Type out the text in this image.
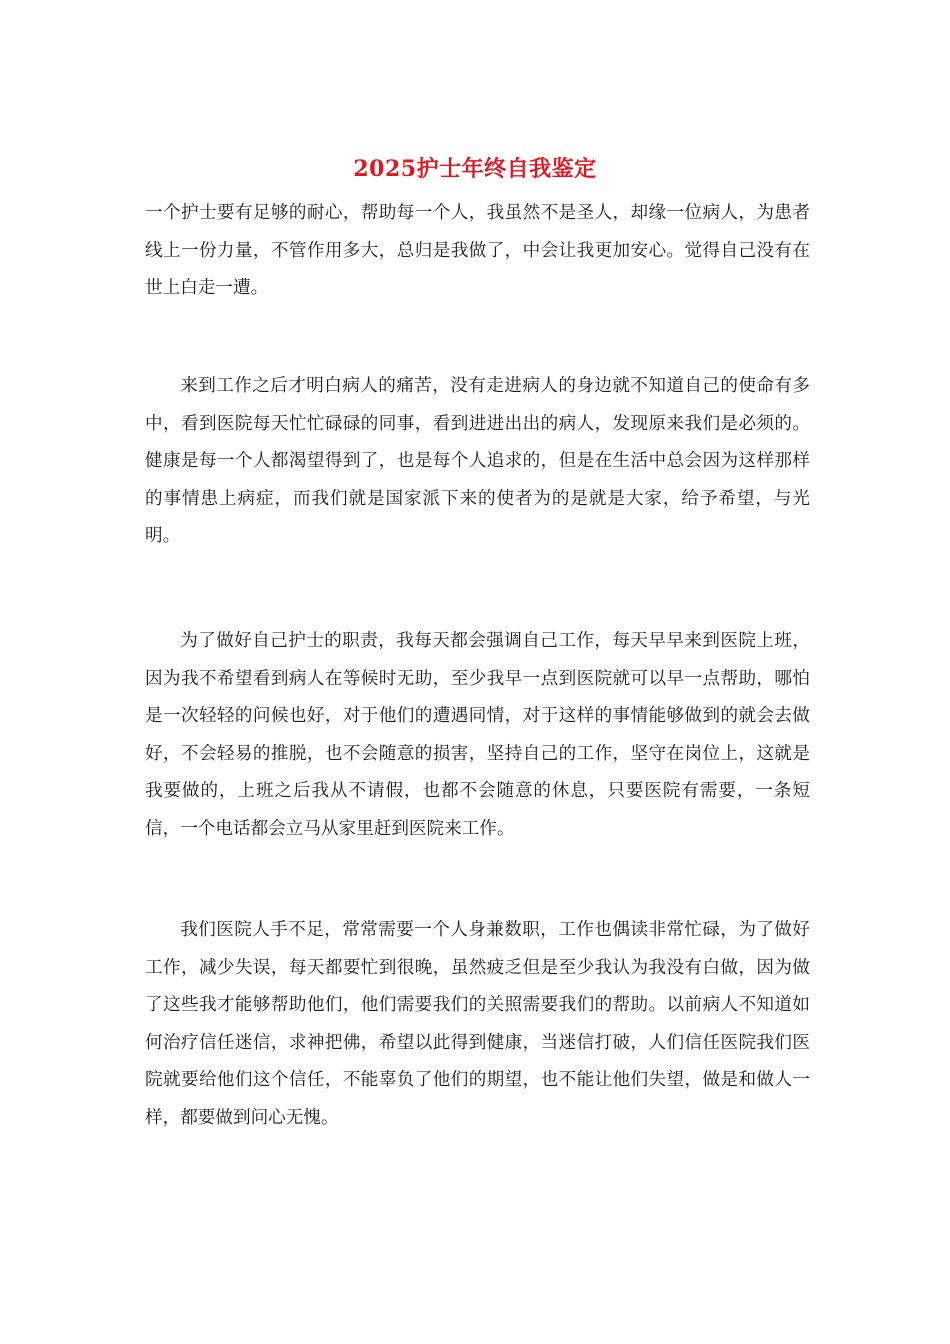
2025护士年终自我鉴定

一个护士要有足够的耐心，帮助每一个人，我虽然不是圣人，却缘一位病人，为患者线上一份力量，不管作用多大，总归是我做了，中会让我更加安心。觉得自己没有在世上白走一遭。

来到工作之后才明白病人的痛苦，没有走进病人的身边就不知道自己的使命有多中，看到医院每天忙忙碌碌的同事，看到进进出出的病人，发现原来我们是必须的。健康是每一个人都渴望得到了，也是每个人追求的，但是在生活中总会因为这样那样的事情患上病症，而我们就是国家派下来的使者为的是就是大家，给予希望，与光明。

为了做好自己护士的职责，我每天都会强调自己工作，每天早早来到医院上班，因为我不希望看到病人在等候时无助，至少我早一点到医院就可以早一点帮助，哪怕是一次轻轻的问候也好，对于他们的遭遇同情，对于这样的事情能够做到的就会去做好，不会轻易的推脱，也不会随意的损害，坚持自己的工作，坚守在岗位上，这就是我要做的，上班之后我从不请假，也都不会随意的休息，只要医院有需要，一条短信，一个电话都会立马从家里赶到医院来工作。

我们医院人手不足，常常需要一个人身兼数职，工作也偶读非常忙碌，为了做好工作，减少失误，每天都要忙到很晚，虽然疲乏但是至少我认为我没有白做，因为做了这些我才能够帮助他们，他们需要我们的关照需要我们的帮助。以前病人不知道如何治疗信任迷信，求神把佛，希望以此得到健康，当迷信打破，人们信任医院我们医院就要给他们这个信任，不能辜负了他们的期望，也不能让他们失望，做是和做人一样，都要做到问心无愧。
